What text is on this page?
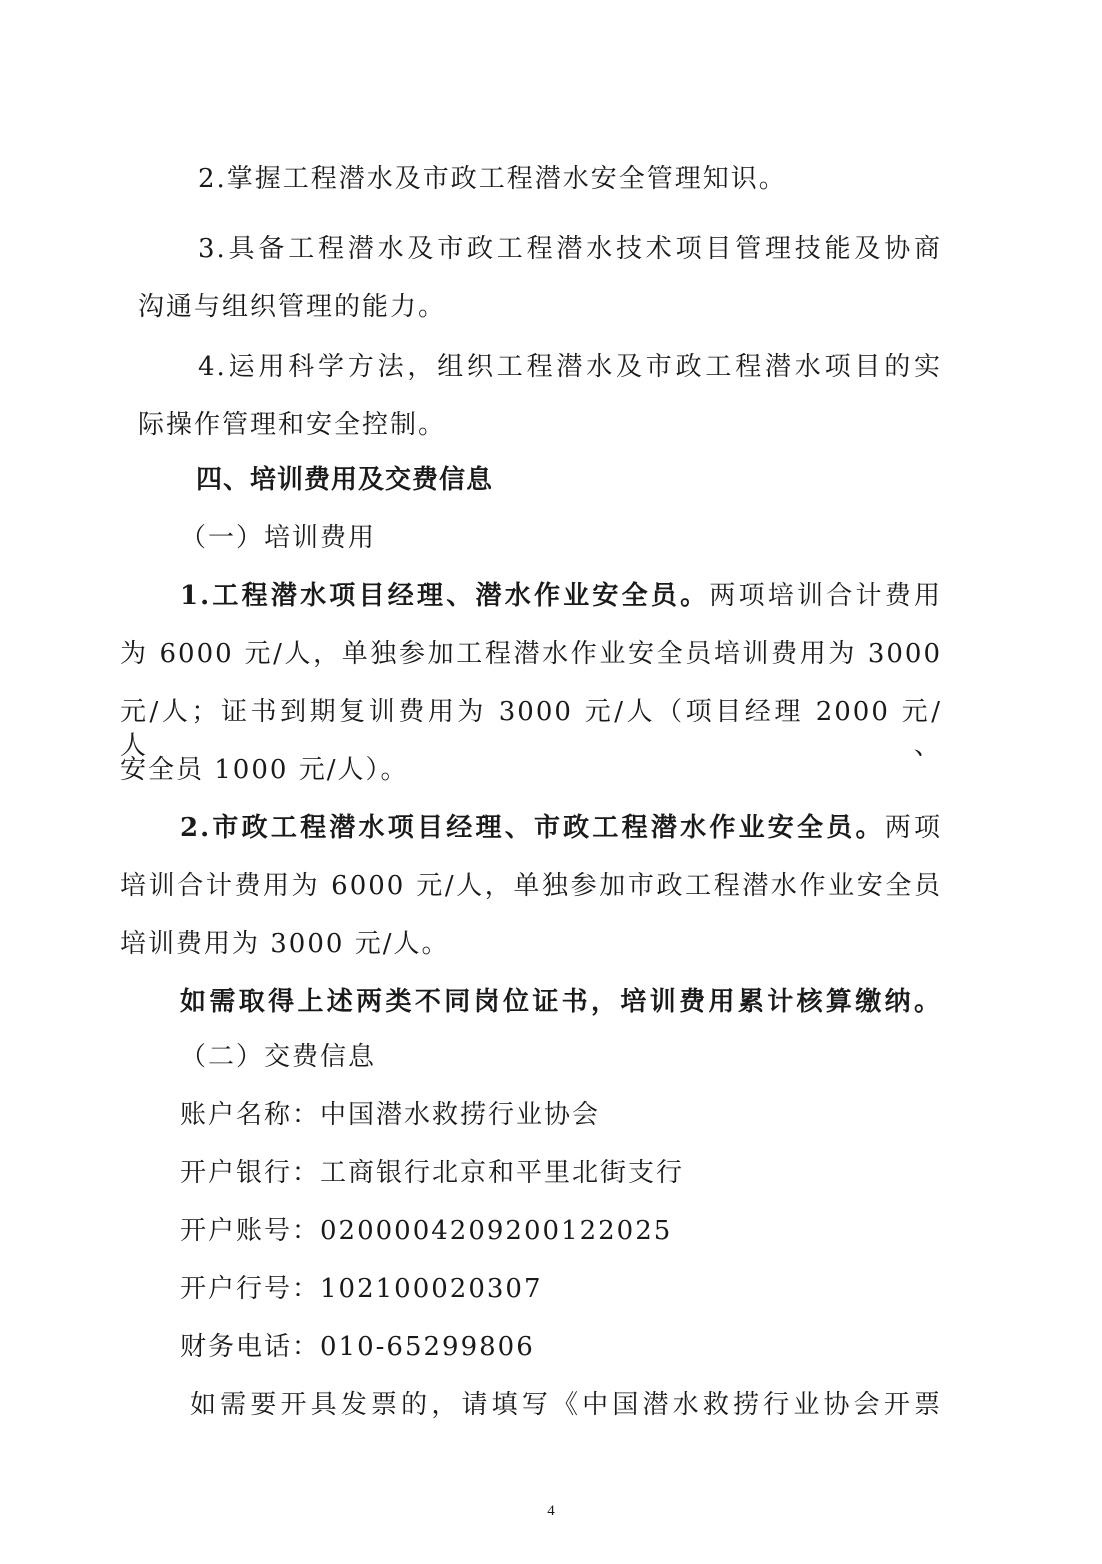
2.掌握工程潜水及市政工程潜水安全管理知识。
3.具备工程潜水及市政工程潜水技术项目管理技能及协商
沟通与组织管理的能力。
4.运用科学方法，组织工程潜水及市政工程潜水项目的实
际操作管理和安全控制。
四、培训费用及交费信息
（一）培训费用
1.工程潜水项目经理、潜水作业安全员。两项培训合计费用
为 6000 元/人，单独参加工程潜水作业安全员培训费用为 3000
元/人；证书到期复训费用为 3000 元/人（项目经理 2000 元/人、
安全员 1000 元/人）。
2.市政工程潜水项目经理、市政工程潜水作业安全员。两项
培训合计费用为 6000 元/人，单独参加市政工程潜水作业安全员
培训费用为 3000 元/人。
如需取得上述两类不同岗位证书，培训费用累计核算缴纳。
（二）交费信息
账户名称：中国潜水救捞行业协会
开户银行：工商银行北京和平里北街支行
开户账号：0200004209200122025
开户行号：102100020307
财务电话：010-65299806
如需要开具发票的，请填写《中国潜水救捞行业协会开票
4
